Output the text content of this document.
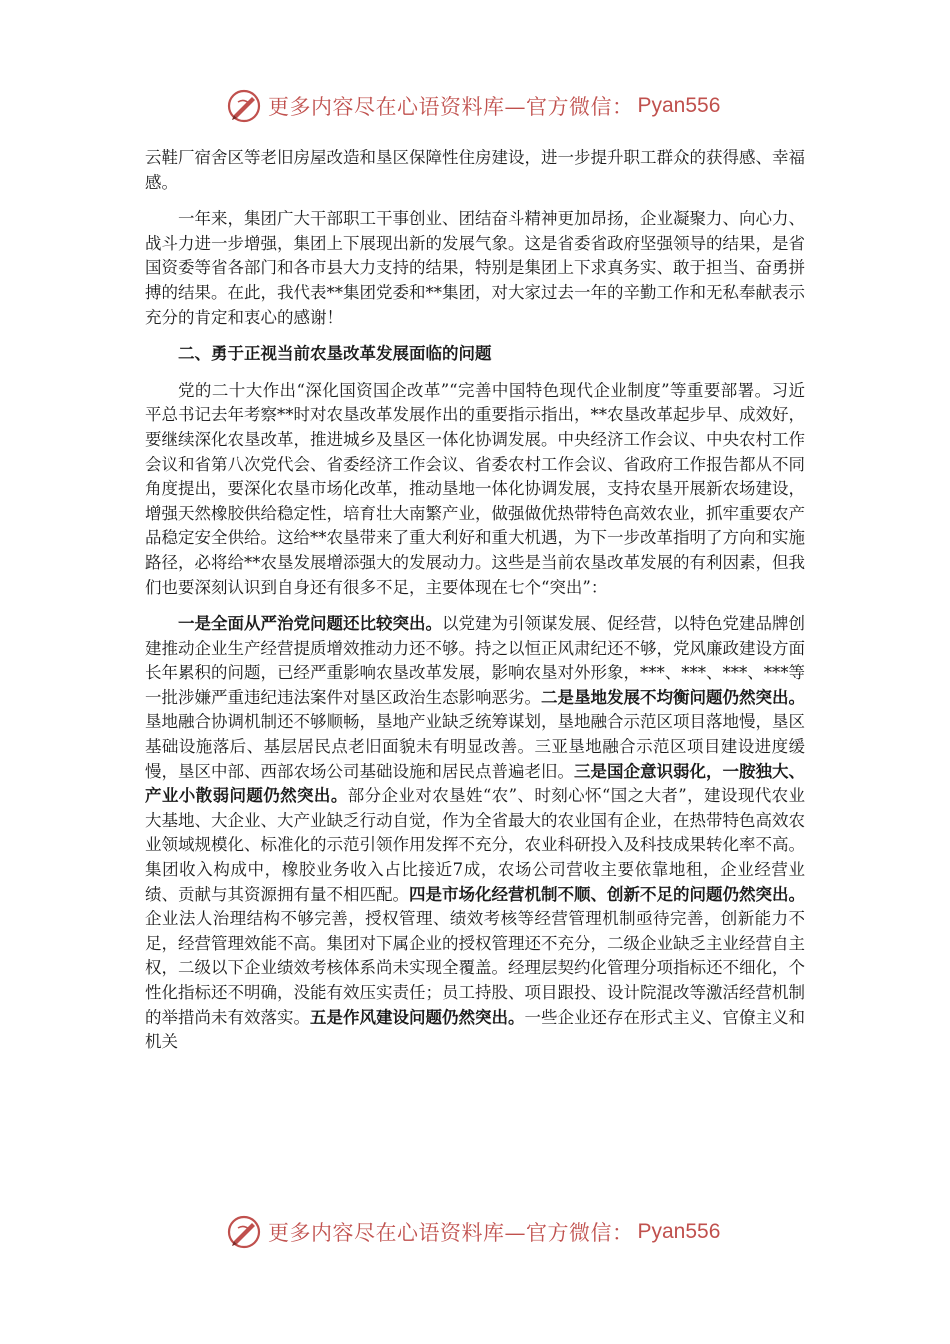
更多内容尽在心语资料库—官方微信： Pyan556

云鞋厂宿舍区等老旧房屋改造和垦区保障性住房建设，进一步提升职工群众的获得感、幸福感。

一年来，集团广大干部职工干事创业、团结奋斗精神更加昂扬，企业凝聚力、向心力、战斗力进一步增强，集团上下展现出新的发展气象。这是省委省政府坚强领导的结果，是省国资委等省各部门和各市县大力支持的结果，特别是集团上下求真务实、敢于担当、奋勇拼搏的结果。在此，我代表**集团党委和**集团，对大家过去一年的辛勤工作和无私奉献表示充分的肯定和衷心的感谢！

二、勇于正视当前农垦改革发展面临的问题

党的二十大作出“深化国资国企改革”“完善中国特色现代企业制度”等重要部署。习近平总书记去年考察**时对农垦改革发展作出的重要指示指出，**农垦改革起步早、成效好，要继续深化农垦改革，推进城乡及垦区一体化协调发展。中央经济工作会议、中央农村工作会议和省第八次党代会、省委经济工作会议、省委农村工作会议、省政府工作报告都从不同角度提出，要深化农垦市场化改革，推动垦地一体化协调发展，支持农垦开展新农场建设，增强天然橡胶供给稳定性，培育壮大南繁产业，做强做优热带特色高效农业，抓牢重要农产品稳定安全供给。这给**农垦带来了重大利好和重大机遇，为下一步改革指明了方向和实施路径，必将给**农垦发展增添强大的发展动力。这些是当前农垦改革发展的有利因素，但我们也要深刻认识到自身还有很多不足，主要体现在七个“突出”：

一是全面从严治党问题还比较突出。以党建为引领谋发展、促经营，以特色党建品牌创建推动企业生产经营提质增效推动力还不够。持之以恒正风肃纪还不够，党风廉政建设方面长年累积的问题，已经严重影响农垦改革发展，影响农垦对外形象，***、***、***、***等一批涉嫌严重违纪违法案件对垦区政治生态影响恶劣。二是垦地发展不均衡问题仍然突出。垦地融合协调机制还不够顺畅，垦地产业缺乏统筹谋划，垦地融合示范区项目落地慢，垦区基础设施落后、基层居民点老旧面貌未有明显改善。三亚垦地融合示范区项目建设进度缓慢，垦区中部、西部农场公司基础设施和居民点普遍老旧。三是国企意识弱化，一胺独大、产业小散弱问题仍然突出。部分企业对农垦姓“农”、时刻心怀“国之大者”，建设现代农业大基地、大企业、大产业缺乏行动自觉，作为全省最大的农业国有企业，在热带特色高效农业领域规模化、标准化的示范引领作用发挥不充分，农业科研投入及科技成果转化率不高。集团收入构成中，橡胶业务收入占比接近7成，农场公司营收主要依靠地租，企业经营业绩、贡献与其资源拥有量不相匹配。四是市场化经营机制不顺、创新不足的问题仍然突出。企业法人治理结构不够完善，授权管理、绩效考核等经营管理机制亟待完善，创新能力不足，经营管理效能不高。集团对下属企业的授权管理还不充分，二级企业缺乏主业经营自主权，二级以下企业绩效考核体系尚未实现全覆盖。经理层契约化管理分项指标还不细化，个性化指标还不明确，没能有效压实责任；员工持股、项目跟投、设计院混改等激活经营机制的举措尚未有效落实。五是作风建设问题仍然突出。一些企业还存在形式主义、官僚主义和机关

更多内容尽在心语资料库—官方微信： Pyan556
